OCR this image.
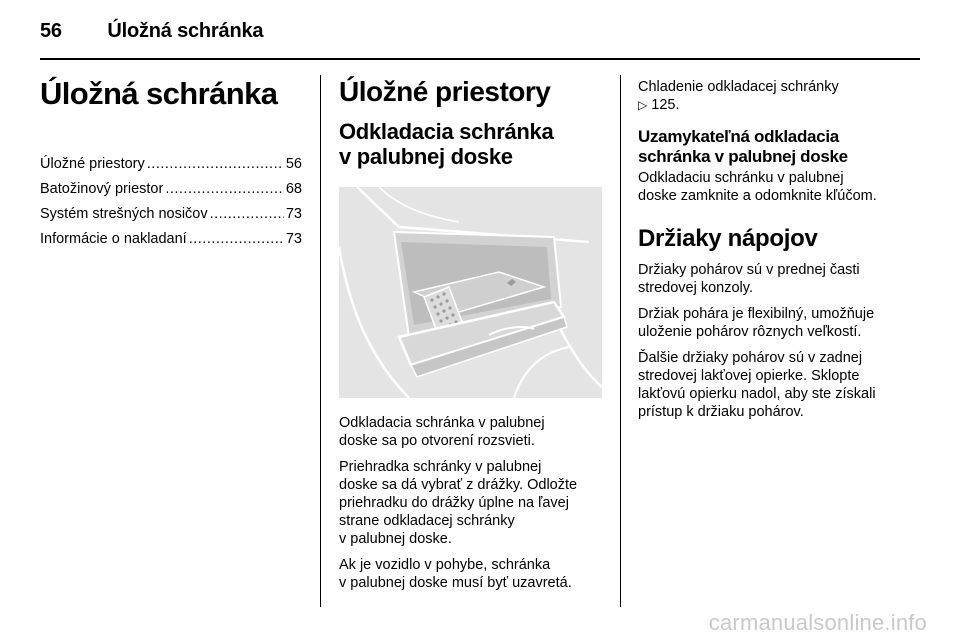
56 Úložná schránka
Úložná schránka
Úložné priestory .....	56
Batožinový priestor .....	68
Systém strešných nosičov .....	73
Informácie o nakladaní .....	73
Úložné priestory
Odkladacia schránka
v palubnej doske
Odkladacia schránka v palubnej
doske sa po otvorení rozsvieti.
Priehradka schránky v palubnej
doske sa dá vybrať z drážky. Odložte
priehradku do drážky úplne na ľavej
strane odkladacej schránky
v palubnej doske.
Ak je vozidlo v pohybe, schránka
v palubnej doske musí byť uzavretá.
Chladenie odkladacej schránky
▷ 125.
Uzamykateľná odkladacia
schránka v palubnej doske
Odkladaciu schránku v palubnej
doske zamknite a odomknite kľúčom.
Držiaky nápojov
Držiaky pohárov sú v prednej časti
stredovej konzoly.
Držiak pohára je flexibilný, umožňuje
uloženie pohárov rôznych veľkostí.
Ďalšie držiaky pohárov sú v zadnej
stredovej lakťovej opierke. Sklopte
lakťovú opierku nadol, aby ste získali
prístup k držiaku pohárov.
carmanualsonline.info
